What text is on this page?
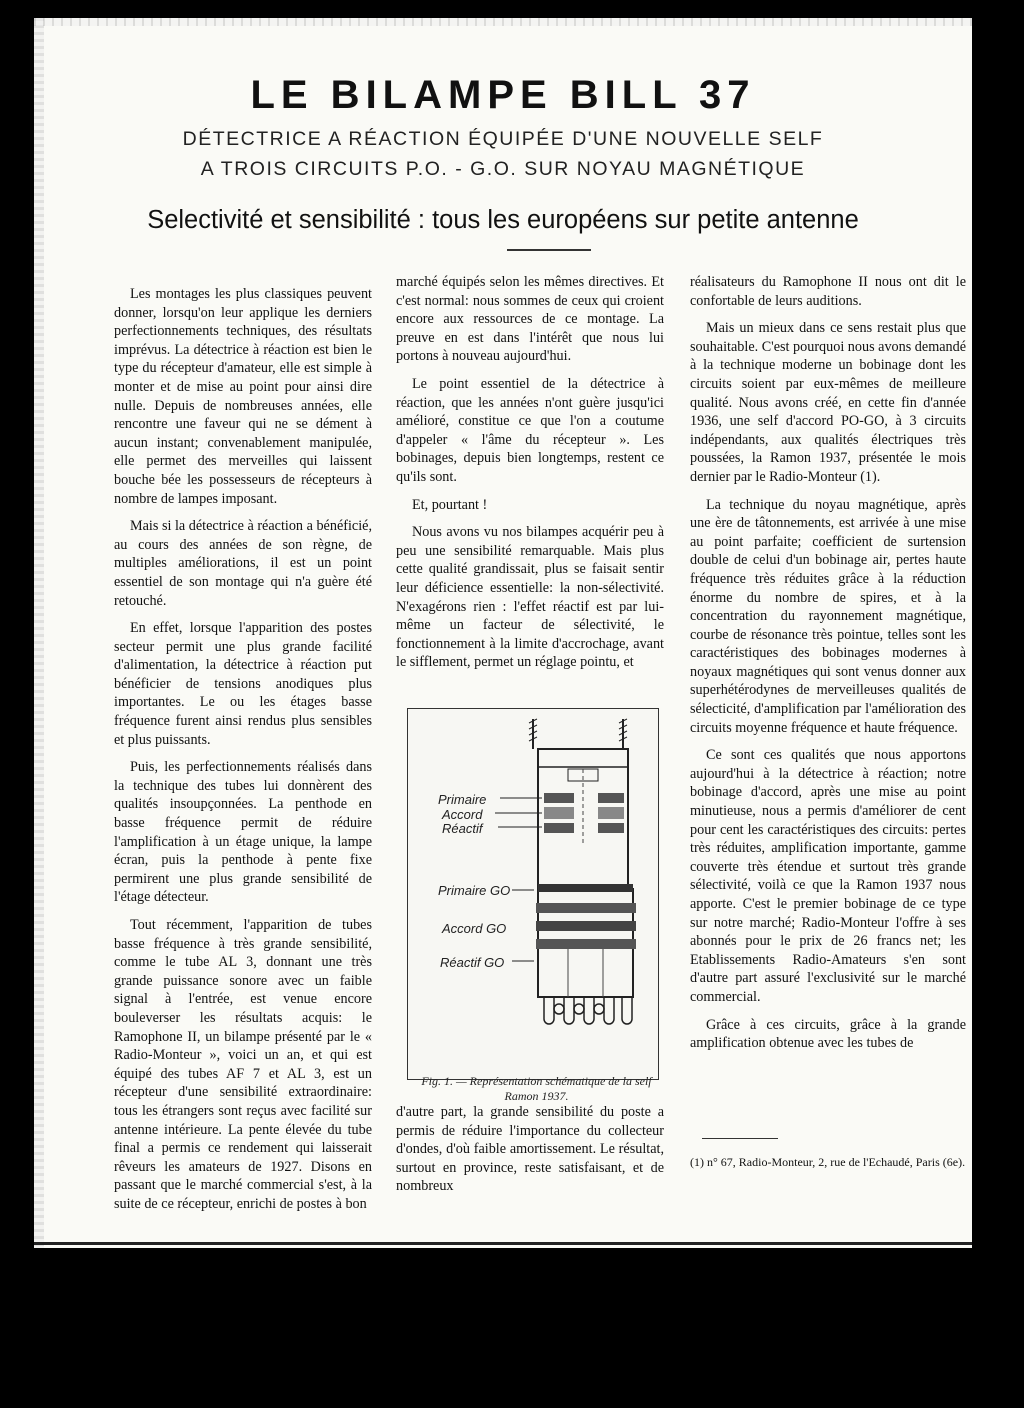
LE BILAMPE BILL 37

DÉTECTRICE A RÉACTION ÉQUIPÉE D'UNE NOUVELLE SELF

A TROIS CIRCUITS P.O. - G.O. SUR NOYAU MAGNÉTIQUE

Selectivité et sensibilité : tous les européens sur petite antenne

Les montages les plus classiques peuvent donner, lorsqu'on leur applique les derniers perfectionnements techniques, des résultats imprévus. La détectrice à réaction est bien le type du récepteur d'amateur, elle est simple à monter et de mise au point pour ainsi dire nulle. Depuis de nombreuses années, elle rencontre une faveur qui ne se dément à aucun instant; convenablement manipulée, elle permet des merveilles qui laissent bouche bée les possesseurs de récepteurs à nombre de lampes imposant.

Mais si la détectrice à réaction a bénéficié, au cours des années de son règne, de multiples améliorations, il est un point essentiel de son montage qui n'a guère été retouché.

En effet, lorsque l'apparition des postes secteur permit une plus grande facilité d'alimentation, la détectrice à réaction put bénéficier de tensions anodiques plus importantes. Le ou les étages basse fréquence furent ainsi rendus plus sensibles et plus puissants.

Puis, les perfectionnements réalisés dans la technique des tubes lui donnèrent des qualités insoupçonnées. La penthode en basse fréquence permit de réduire l'amplification à un étage unique, la lampe écran, puis la penthode à pente fixe permirent une plus grande sensibilité de l'étage détecteur.

Tout récemment, l'apparition de tubes basse fréquence à très grande sensibilité, comme le tube AL 3, donnant une très grande puissance sonore avec un faible signal à l'entrée, est venue encore bouleverser les résultats acquis: le Ramophone II, un bilampe présenté par le « Radio-Monteur », voici un an, et qui est équipé des tubes AF 7 et AL 3, est un récepteur d'une sensibilité extraordinaire: tous les étrangers sont reçus avec facilité sur antenne intérieure. La pente élevée du tube final a permis ce rendement qui laisserait rêveurs les amateurs de 1927. Disons en passant que le marché commercial s'est, à la suite de ce récepteur, enrichi de postes à bon

marché équipés selon les mêmes directives. Et c'est normal: nous sommes de ceux qui croient encore aux ressources de ce montage. La preuve en est dans l'intérêt que nous lui portons à nouveau aujourd'hui.

Le point essentiel de la détectrice à réaction, que les années n'ont guère jusqu'ici amélioré, constitue ce que l'on a coutume d'appeler « l'âme du récepteur ». Les bobinages, depuis bien longtemps, restent ce qu'ils sont.

Et, pourtant !

Nous avons vu nos bilampes acquérir peu à peu une sensibilité remarquable. Mais plus cette qualité grandissait, plus se faisait sentir leur déficience essentielle: la non-sélectivité. N'exagérons rien : l'effet réactif est par lui-même un facteur de sélectivité, le fonctionnement à la limite d'accrochage, avant le sifflement, permet un réglage pointu, et

Primaire
Accord
Réactif
Primaire GO
Accord GO
Réactif GO
Fig. 1. — Représentation schématique de la self Ramon 1937.

d'autre part, la grande sensibilité du poste a permis de réduire l'importance du collecteur d'ondes, d'où faible amortissement. Le résultat, surtout en province, reste satisfaisant, et de nombreux

réalisateurs du Ramophone II nous ont dit le confortable de leurs auditions.

Mais un mieux dans ce sens restait plus que souhaitable. C'est pourquoi nous avons demandé à la technique moderne un bobinage dont les circuits soient par eux-mêmes de meilleure qualité. Nous avons créé, en cette fin d'année 1936, une self d'accord PO-GO, à 3 circuits indépendants, aux qualités électriques très poussées, la Ramon 1937, présentée le mois dernier par le Radio-Monteur (1).

La technique du noyau magnétique, après une ère de tâtonnements, est arrivée à une mise au point parfaite; coefficient de surtension double de celui d'un bobinage air, pertes haute fréquence très réduites grâce à la réduction énorme du nombre de spires, et à la concentration du rayonnement magnétique, courbe de résonance très pointue, telles sont les caractéristiques des bobinages modernes à noyaux magnétiques qui sont venus donner aux superhétérodynes de merveilleuses qualités de sélecticité, d'amplification par l'amélioration des circuits moyenne fréquence et haute fréquence.

Ce sont ces qualités que nous apportons aujourd'hui à la détectrice à réaction; notre bobinage d'accord, après une mise au point minutieuse, nous a permis d'améliorer de cent pour cent les caractéristiques des circuits: pertes très réduites, amplification importante, gamme couverte très étendue et surtout très grande sélectivité, voilà ce que la Ramon 1937 nous apporte. C'est le premier bobinage de ce type sur notre marché; Radio-Monteur l'offre à ses abonnés pour le prix de 26 francs net; les Etablissements Radio-Amateurs s'en sont d'autre part assuré l'exclusivité sur le marché commercial.

Grâce à ces circuits, grâce à la grande amplification obtenue avec les tubes de

(1) n° 67, Radio-Monteur, 2, rue de l'Echaudé, Paris (6e).
